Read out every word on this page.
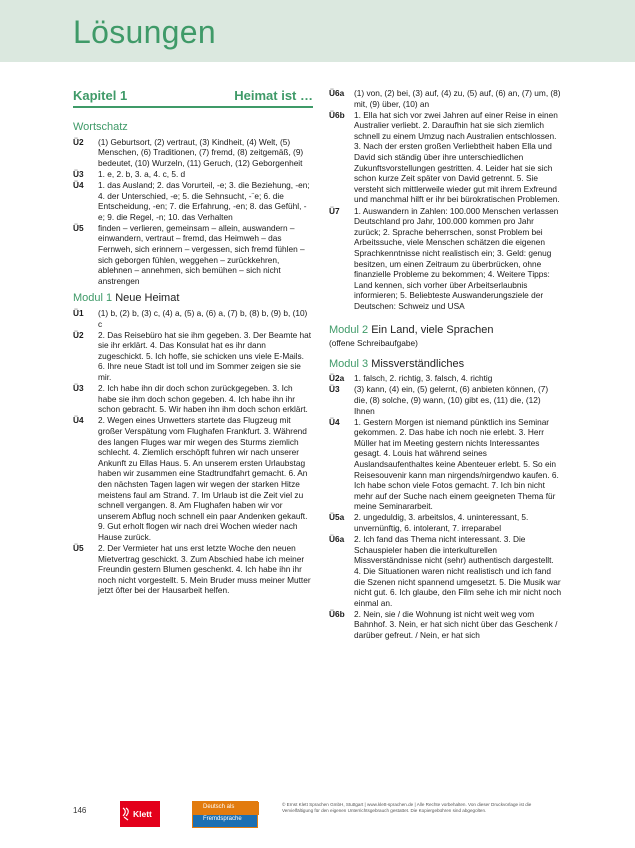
Lösungen
Kapitel 1	Heimat ist …
Wortschatz
Ü2	(1) Geburtsort, (2) vertraut, (3) Kindheit, (4) Welt, (5) Menschen, (6) Traditionen, (7) fremd, (8) zeitgemäß, (9) bedeutet, (10) Wurzeln, (11) Geruch, (12) Geborgenheit
Ü3	1. e, 2. b, 3. a, 4. c, 5. d
Ü4	1. das Ausland; 2. das Vorurteil, -e; 3. die Beziehung, -en; 4. der Unterschied, -e; 5. die Sehnsucht, -¨e; 6. die Entscheidung, -en; 7. die Erfahrung, -en; 8. das Gefühl, -e; 9. die Regel, -n; 10. das Verhalten
Ü5	finden – verlieren, gemeinsam – allein, auswandern – einwandern, vertraut – fremd, das Heimweh – das Fernweh, sich erinnern – vergessen, sich fremd fühlen – sich geborgen fühlen, weggehen – zurückkehren, ablehnen – annehmen, sich bemühen – sich nicht anstrengen
Modul 1 Neue Heimat
Ü1	(1) b, (2) b, (3) c, (4) a, (5) a, (6) a, (7) b, (8) b, (9) b, (10) c
Ü2	2. Das Reisebüro hat sie ihm gegeben. 3. Der Beamte hat sie ihr erklärt. 4. Das Konsulat hat es ihr dann zugeschickt. 5. Ich hoffe, sie schicken uns viele E-Mails. 6. Ihre neue Stadt ist toll und im Sommer zeigen sie sie mir.
Ü3	2. Ich habe ihn dir doch schon zurückgegeben. 3. Ich habe sie ihm doch schon gegeben. 4. Ich habe ihn ihr schon gebracht. 5. Wir haben ihn ihm doch schon erklärt.
Ü4	2. Wegen eines Unwetters startete das Flugzeug mit großer Verspätung vom Flughafen Frankfurt. 3. Während des langen Fluges war mir wegen des Sturms ziemlich schlecht. 4. Ziemlich erschöpft fuhren wir nach unserer Ankunft zu Ellas Haus. 5. An unserem ersten Urlaubstag haben wir zusammen eine Stadtrundfahrt gemacht. 6. An den nächsten Tagen lagen wir wegen der starken Hitze meistens faul am Strand. 7. Im Urlaub ist die Zeit viel zu schnell vergangen. 8. Am Flughafen haben wir vor unserem Abflug noch schnell ein paar Andenken gekauft. 9. Gut erholt flogen wir nach drei Wochen wieder nach Hause zurück.
Ü5	2. Der Vermieter hat uns erst letzte Woche den neuen Mietvertrag geschickt. 3. Zum Abschied habe ich meiner Freundin gestern Blumen geschenkt. 4. Ich habe ihn ihr noch nicht vorgestellt. 5. Mein Bruder muss meiner Mutter jetzt öfter bei der Hausarbeit helfen.
Ü6a	(1) von, (2) bei, (3) auf, (4) zu, (5) auf, (6) an, (7) um, (8) mit, (9) über, (10) an
Ü6b	1. Ella hat sich vor zwei Jahren auf einer Reise in einen Australier verliebt. 2. Daraufhin hat sie sich ziemlich schnell zu einem Umzug nach Australien entschlossen. 3. Nach der ersten großen Verliebtheit haben Ella und David sich ständig über ihre unterschiedlichen Zukunftsvorstellungen gestritten. 4. Leider hat sie sich schon kurze Zeit später von David getrennt. 5. Sie versteht sich mittlerweile wieder gut mit ihrem Exfreund und manchmal hilft er ihr bei bürokratischen Problemen.
Ü7	1. Auswandern in Zahlen: 100.000 Menschen verlassen Deutschland pro Jahr, 100.000 kommen pro Jahr zurück; 2. Sprache beherrschen, sonst Problem bei Arbeitssuche, viele Menschen schätzen die eigenen Sprachkenntnisse nicht realistisch ein; 3. Geld: genug besitzen, um einen Zeitraum zu überbrücken, ohne finanzielle Probleme zu bekommen; 4. Weitere Tipps: Land kennen, sich vorher über Arbeitserlaubnis informieren; 5. Beliebteste Auswanderungsziele der Deutschen: Schweiz und USA
Modul 2 Ein Land, viele Sprachen
(offene Schreibaufgabe)
Modul 3 Missverständliches
Ü2a	1. falsch, 2. richtig, 3. falsch, 4. richtig
Ü3	(3) kann, (4) ein, (5) gelernt, (6) anbieten können, (7) die, (8) solche, (9) wann, (10) gibt es, (11) die, (12) Ihnen
Ü4	1. Gestern Morgen ist niemand pünktlich ins Seminar gekommen. 2. Das habe ich noch nie erlebt. 3. Herr Müller hat im Meeting gestern nichts Interessantes gesagt. 4. Louis hat während seines Auslandsaufenthaltes keine Abenteuer erlebt. 5. So ein Reisesouvenir kann man nirgends/nirgendwo kaufen. 6. Ich habe schon viele Fotos gemacht. 7. Ich bin nicht mehr auf der Suche nach einem geeigneten Thema für meine Seminararbeit.
Ü5a	2. ungeduldig, 3. arbeitslos, 4. uninteressant, 5. unvernünftig, 6. intolerant, 7. irreparabel
Ü6a	2. Ich fand das Thema nicht interessant. 3. Die Schauspieler haben die interkulturellen Missverständnisse nicht (sehr) authentisch dargestellt. 4. Die Situationen waren nicht realistisch und ich fand die Szenen nicht spannend umgesetzt. 5. Die Musik war nicht gut. 6. Ich glaube, den Film sehe ich mir nicht noch einmal an.
Ü6b	2. Nein, sie / die Wohnung ist nicht weit weg vom Bahnhof. 3. Nein, er hat sich nicht über das Geschenk / darüber gefreut. / Nein, er hat sich
146	Klett
Deutsch als
Fremdsprache
© Ernst Klett Sprachen GmbH, Stuttgart | www.klett-sprachen.de | Alle Rechte vorbehalten. Von dieser Druckvorlage ist die Vervielfältigung für den eigenen Unterrichtsgebrauch gestattet. Die Kopiergebühren sind abgegolten.
